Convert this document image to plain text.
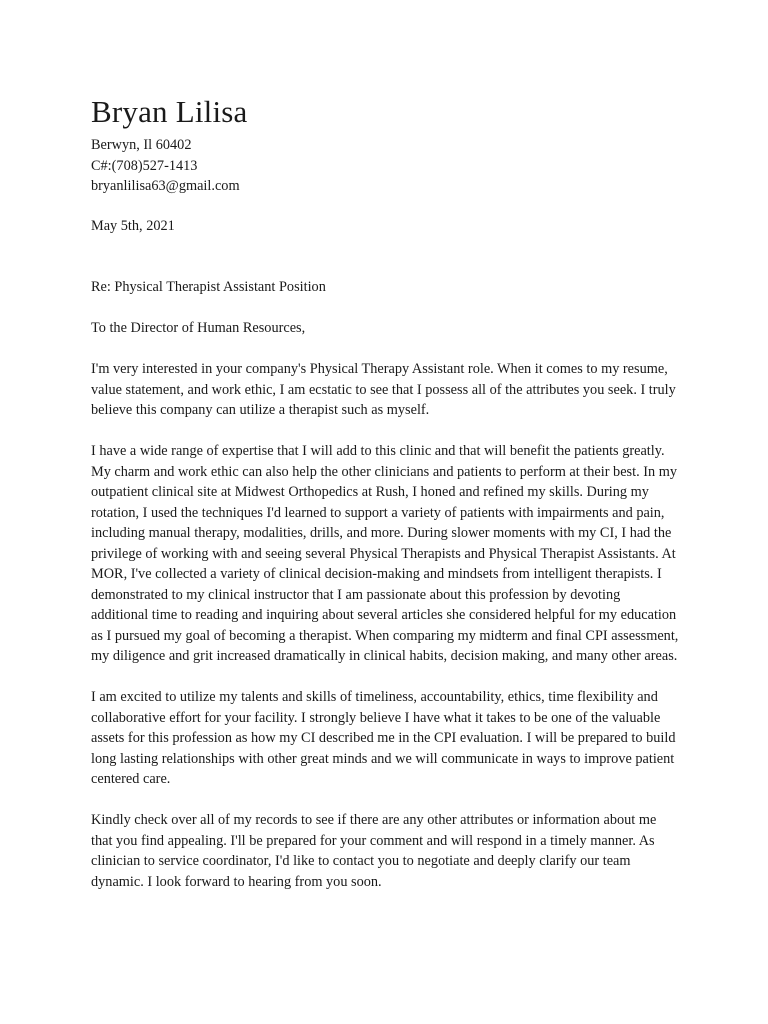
Bryan Lilisa

Berwyn, Il 60402

C#:(708)527-1413

bryanlilisa63@gmail.com

May 5th, 2021

Re: Physical Therapist Assistant Position

To the Director of Human Resources,

I'm very interested in your company's Physical Therapy Assistant role. When it comes to my resume, value statement, and work ethic, I am ecstatic to see that I possess all of the attributes you seek. I truly believe this company can utilize a therapist such as myself.

I have a wide range of expertise that I will add to this clinic and that will benefit the patients greatly. My charm and work ethic can also help the other clinicians and patients to perform at their best. In my outpatient clinical site at Midwest Orthopedics at Rush, I honed and refined my skills. During my rotation, I used the techniques I'd learned to support a variety of patients with impairments and pain, including manual therapy, modalities, drills, and more. During slower moments with my CI, I had the privilege of working with and seeing several Physical Therapists and Physical Therapist Assistants. At MOR, I've collected a variety of clinical decision-making and mindsets from intelligent therapists. I demonstrated to my clinical instructor that I am passionate about this profession by devoting additional time to reading and inquiring about several articles she considered helpful for my education as I pursued my goal of becoming a therapist. When comparing my midterm and final CPI assessment, my diligence and grit increased dramatically in clinical habits, decision making, and many other areas.

I am excited to utilize my talents and skills of timeliness, accountability, ethics, time flexibility and collaborative effort for your facility. I strongly believe I have what it takes to be one of the valuable assets for this profession as how my CI described me in the CPI evaluation. I will be prepared to build long lasting relationships with other great minds and we will communicate in ways to improve patient centered care.

Kindly check over all of my records to see if there are any other attributes or information about me that you find appealing. I'll be prepared for your comment and will respond in a timely manner. As clinician to service coordinator, I'd like to contact you to negotiate and deeply clarify our team dynamic. I look forward to hearing from you soon.
